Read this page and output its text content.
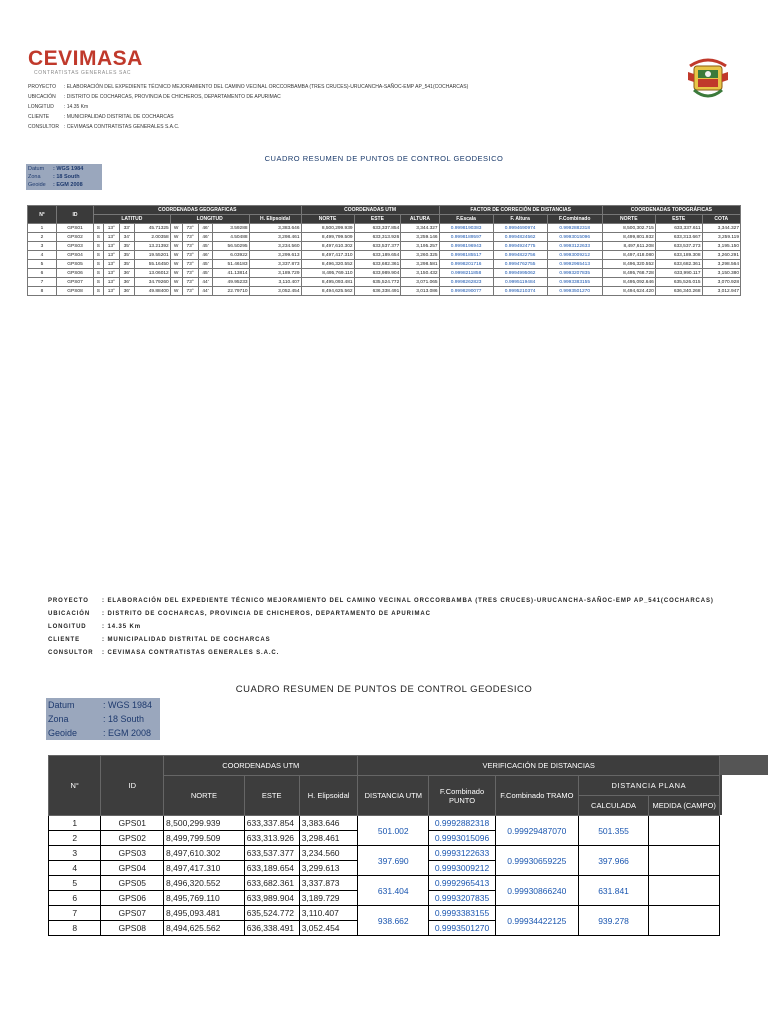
CEVIMASA
CONTRATISTAS GENERALES SAC
PROYECTO : ELABORACIÓN DEL EXPEDIENTE TÉCNICO MEJORAMIENTO DEL CAMINO VECINAL ORCCORBAMBA (TRES CRUCES)-URUCANCHA-SAÑOC-EMP AP_541(COCHARCAS)
UBICACIÓN : DISTRITO DE COCHARCAS, PROVINCIA DE CHICHEROS, DEPARTAMENTO DE APURIMAC
LONGITUD : 14.35 Km
CLIENTE	: MUNICIPALIDAD DISTRITAL DE COCHARCAS
CONSULTOR : CEVIMASA CONTRATISTAS GENERALES S.A.C.
CUADRO RESUMEN DE PUNTOS DE CONTROL GEODESICO
Datum : WGS 1984
Zona : 18 South
Geoide : EGM 2008
N°	ID	COORDENADAS GEOGRAFICAS									COORDENADAS UTM			FACTOR DE CORRECIÓN DE DISTANCIAS			COORDENADAS TOPOGRÁFICAS		
		LATITUD				LONGITUD				H. Elipsoidal	NORTE	ESTE	ALTURA	F.Escala	F. Altura	F.Combinado	NORTE	ESTE	COTA
1	GPS01	S	13°	33'	45.71325	W	73°	46'	3.59288	3,383.646	8,500,299.939	633,337.854	3,344.327	0.9998190383	0.9994690974	0.9992882318	8,500,302.715	633,337.611	3,344.327
2	GPS02	S	13°	34'	2.00358	W	73°	46'	4.50488	3,298.461	8,499,799.509	633,313.926	3,259.146	0.9998189597	0.9994824562	0.9993015096	8,499,801.932	633,313.667	3,259.119
3	GPS03	S	13°	35'	13.21392	W	73°	45'	56.50295	3,234.560	8,497,610.302	633,537.377	3,195.257	0.9998196943	0.9994924775	0.9993122633	8,497,611.208	633,537.273	3,195.150
4	GPS04	S	13°	35'	19.55201	W	73°	46'	6.03922	3,299.613	8,497,417.310	633,189.654	3,260.325	0.9998185517	0.9994822756	0.9993009212	8,497,418.080	633,189.308	3,260.291
5	GPS05	S	13°	35'	55.16450	W	73°	45'	51.46183	3,337.873	8,496,320.552	633,682.361	3,298.581	0.9998201716	0.9994762755	0.9992965413	8,496,320.552	633,682.361	3,298.564
6	GPS06	S	13°	36'	13.06012	W	73°	45'	41.13814	3,189.729	8,495,769.110	633,989.904	3,150.432	0.9998211858	0.9994995062	0.9993207835	8,495,768.728	633,990.117	3,150.380
7	GPS07	S	13°	36'	34.79260	W	73°	44'	49.95233	3,110.407	8,495,093.481	635,524.772	3,071.065	0.9998262823	0.9995119484	0.9993383155	8,495,092.646	635,526.015	3,070.928
8	GPS08	S	13°	36'	49.88400	W	73°	44'	22.79710	3,052.454	8,494,625.562	636,338.491	3,013.086	0.9998290077	0.9995210374	0.9993501270	8,494,624.420	636,340.268	3,012.947
PROYECTO : ELABORACIÓN DEL EXPEDIENTE TÉCNICO MEJORAMIENTO DEL CAMINO VECINAL ORCCORBAMBA (TRES CRUCES)-URUCANCHA-SAÑOC-EMP AP_541(COCHARCAS)
UBICACIÓN : DISTRITO DE COCHARCAS, PROVINCIA DE CHICHEROS, DEPARTAMENTO DE APURIMAC
LONGITUD	: 14.35 Km
CLIENTE	: MUNICIPALIDAD DISTRITAL DE COCHARCAS
CONSULTOR : CEVIMASA CONTRATISTAS GENERALES S.A.C.
CUADRO RESUMEN DE PUNTOS DE CONTROL GEODESICO
Datum	: WGS 1984
Zona	: 18 South
Geoide	: EGM 2008
N°	ID	COORDENADAS UTM			VERIFICACIÓN DE DISTANCIAS				
		NORTE	ESTE	H. Elipsoidal	DISTANCIA UTM	F.Combinado PUNTO	F.Combinado TRAMO	DISTANCIA PLANA	
								CALCULADA	MEDIDA (CAMPO)
1	GPS01	8,500,299.939	633,337.854	3,383.646	501.002	0.9992882318	0.99929487070	501.355	
2	GPS02	8,499,799.509	633,313.926	3,298.461		0.9993015096			
3	GPS03	8,497,610.302	633,537.377	3,234.560	397.690	0.9993122633	0.99930659225	397.966	
4	GPS04	8,497,417.310	633,189.654	3,299.613		0.9993009212			
5	GPS05	8,496,320.552	633,682.361	3,337.873	631.404	0.9992965413	0.99930866240	631.841	
6	GPS06	8,495,769.110	633,989.904	3,189.729		0.9993207835			
7	GPS07	8,495,093.481	635,524.772	3,110.407	938.662	0.9993383155	0.99934422125	939.278	
8	GPS08	8,494,625.562	636,338.491	3,052.454		0.9993501270			
